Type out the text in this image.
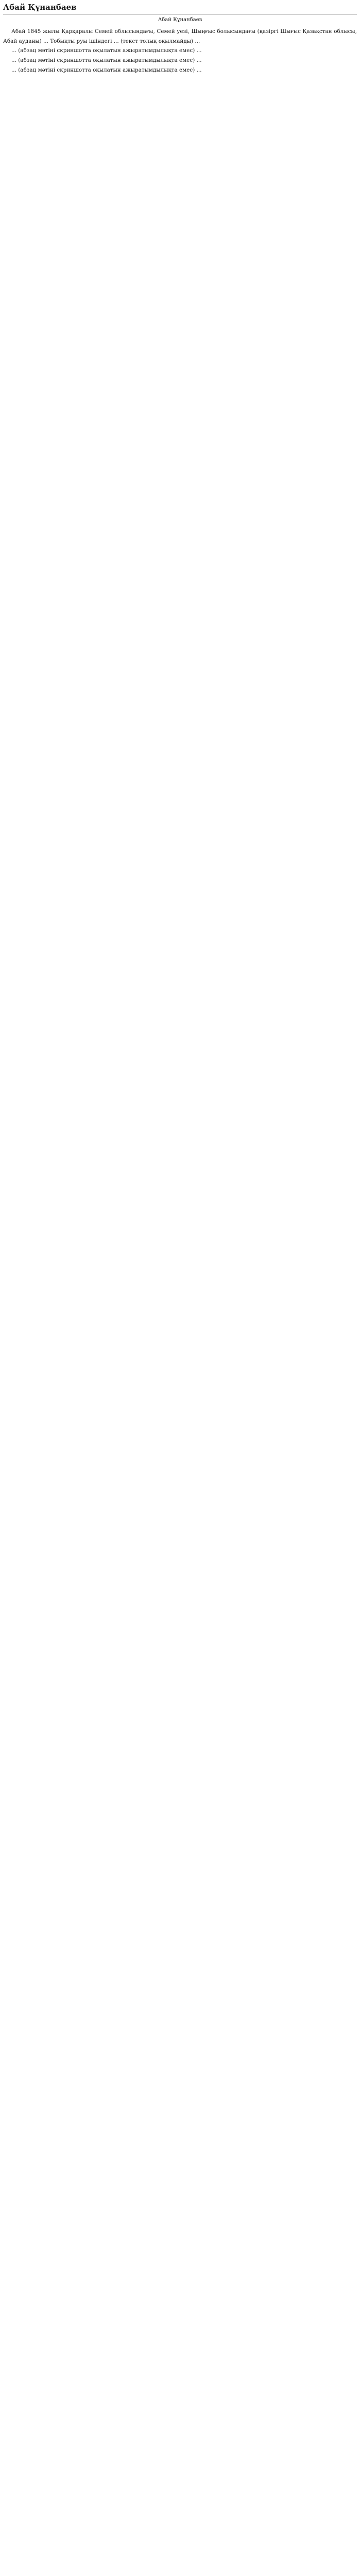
Абай Құнанбаев
Абай Құнанбаев

Абай 1845 жылы Қарқаралы Семей облысындағы, Семей уезі, Шыңғыс болысындағы (қазіргі Шығыс Қазақстан облысы, Абай ауданы) ... Тобықты руы ішіндегі ... (текст толық оқылмайды) ...

... (абзац мәтіні скриншотта оқылатын ажыратымдылықта емес) ...

... (абзац мәтіні скриншотта оқылатын ажыратымдылықта емес) ...

... (абзац мәтіні скриншотта оқылатын ажыратымдылықта емес) ...
